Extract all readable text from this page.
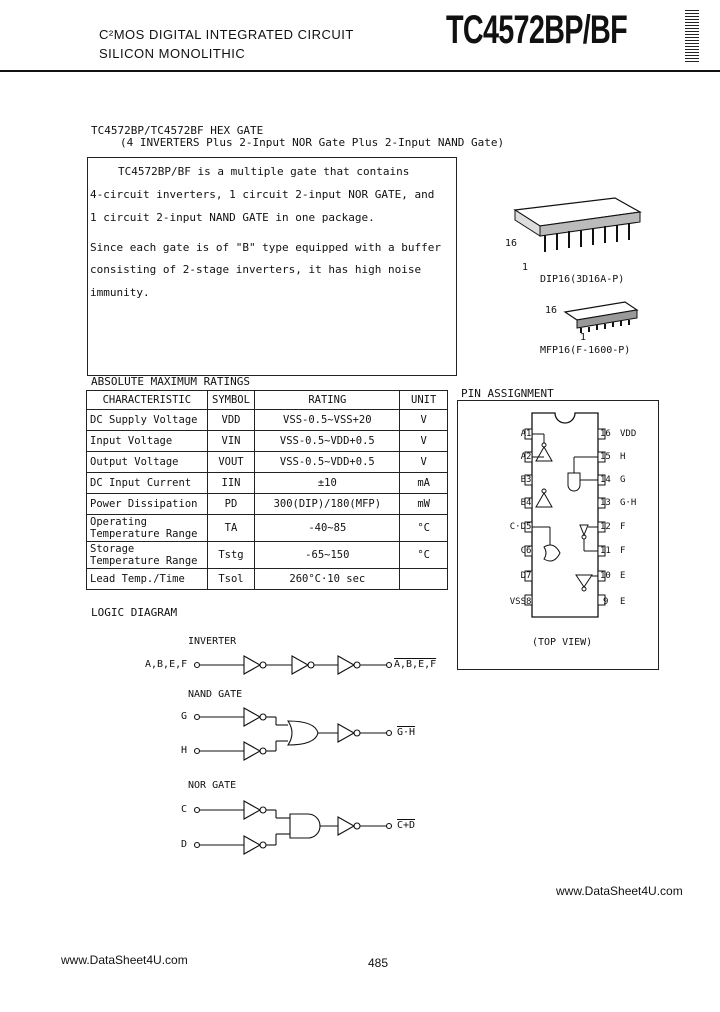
C²MOS DIGITAL INTEGRATED CIRCUIT
SILICON MONOLITHIC
TC4572BP/BF
TC4572BP/TC4572BF HEX GATE
(4 INVERTERS Plus 2-Input NOR Gate Plus 2-Input NAND Gate)

TC4572BP/BF is a multiple gate that contains

4-circuit inverters, 1 circuit 2-input NOR GATE, and

1 circuit 2-input NAND GATE in one package.

Since each gate is of "B" type equipped with a buffer

consisting of 2-stage inverters, it has high noise

immunity.

16
1
DIP16(3D16A-P)
16
1
MFP16(F-1600-P)
ABSOLUTE MAXIMUM RATINGS
CHARACTERISTIC	SYMBOL	RATING	UNIT
DC Supply Voltage	VDD	VSS-0.5~VSS+20	V
Input Voltage	VIN	VSS-0.5~VDD+0.5	V
Output Voltage	VOUT	VSS-0.5~VDD+0.5	V
DC Input Current	IIN	±10	mA
Power Dissipation	PD	300(DIP)/180(MFP)	mW
Operating Temperature Range	TA	-40~85	°C
Storage Temperature Range	Tstg	-65~150	°C
Lead Temp./Time	Tsol	260°C·10 sec	
PIN ASSIGNMENT
A 1
A 2
B 3
B 4
C·D 5
C 6
D 7
VSS 8
16 VDD
15 H
14 G
13 G·H
12 F
11 F
10 E
9 E
(TOP VIEW)
LOGIC DIAGRAM
INVERTER
A,B,E,F	A,B,E,F
NAND GATE
G
H
G·H
NOR GATE
C
D
C+D
www.DataSheet4U.com
www.DataSheet4U.com	485
